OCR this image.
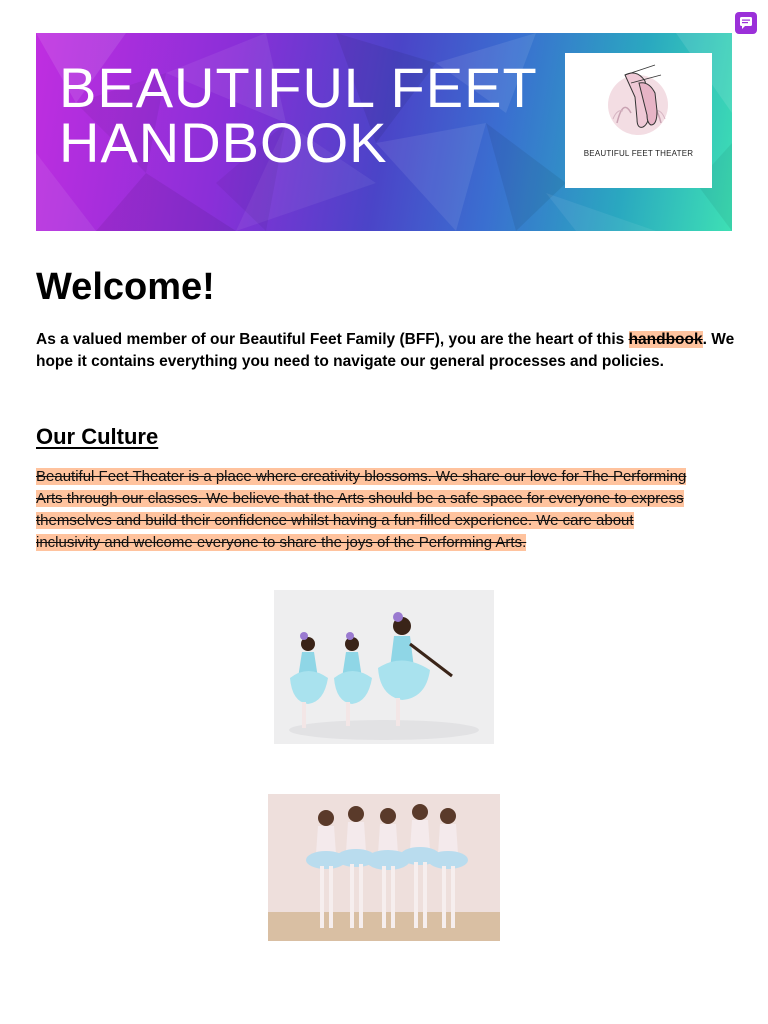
BEAUTIFUL FEET
HANDBOOK	BEAUTIFUL FEET THEATER
Welcome!

As a valued member of our Beautiful Feet Family (BFF), you are the heart of this handbook. We hope it contains everything you need to navigate our general processes and policies.

Our Culture

Beautiful Feet Theater is a place where creativity blossoms. We share our love for The Performing Arts through our classes. We believe that the Arts should be a safe space for everyone to express themselves and build their confidence whilst having a fun-filled experience. We care about inclusivity and welcome everyone to share the joys of the Performing Arts.
